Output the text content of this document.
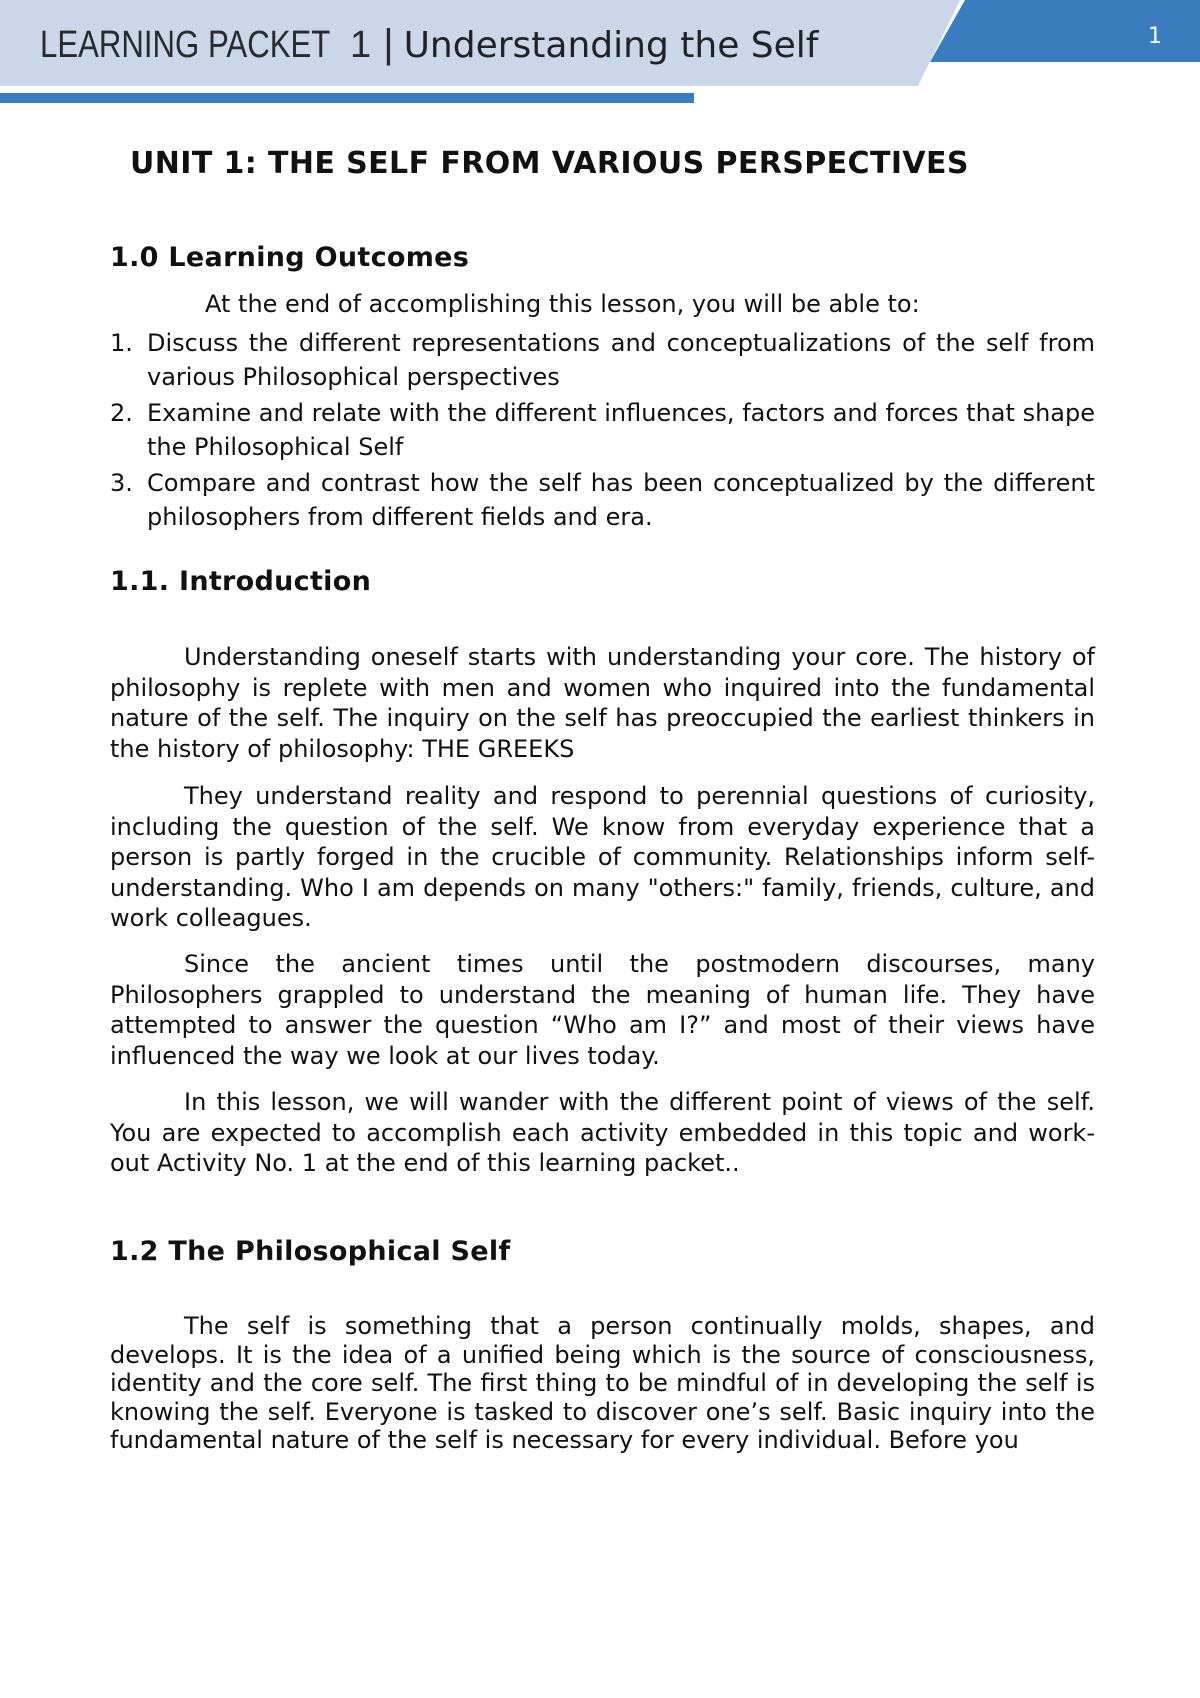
LEARNING PACKET 1 | Understanding the Self	1
UNIT 1: THE SELF FROM VARIOUS PERSPECTIVES
1.0 Learning Outcomes

At the end of accomplishing this lesson, you will be able to:

1. Discuss the different representations and conceptualizations of the self from various Philosophical perspectives
2. Examine and relate with the different influences, factors and forces that shape the Philosophical Self
3. Compare and contrast how the self has been conceptualized by the different philosophers from different fields and era.
1.1. Introduction

Understanding oneself starts with understanding your core. The history of philosophy is replete with men and women who inquired into the fundamental nature of the self. The inquiry on the self has preoccupied the earliest thinkers in the history of philosophy: THE GREEKS

They understand reality and respond to perennial questions of curiosity, including the question of the self. We know from everyday experience that a person is partly forged in the crucible of community. Relationships inform self-understanding. Who I am depends on many "others:" family, friends, culture, and work colleagues.

Since the ancient times until the postmodern discourses, many Philosophers grappled to understand the meaning of human life. They have attempted to answer the question “Who am I?” and most of their views have influenced the way we look at our lives today.

In this lesson, we will wander with the different point of views of the self. You are expected to accomplish each activity embedded in this topic and work-out Activity No. 1 at the end of this learning packet..

1.2 The Philosophical Self

The self is something that a person continually molds, shapes, and develops. It is the idea of a unified being which is the source of consciousness, identity and the core self. The first thing to be mindful of in developing the self is knowing the self. Everyone is tasked to discover one’s self. Basic inquiry into the fundamental nature of the self is necessary for every individual. Before you
